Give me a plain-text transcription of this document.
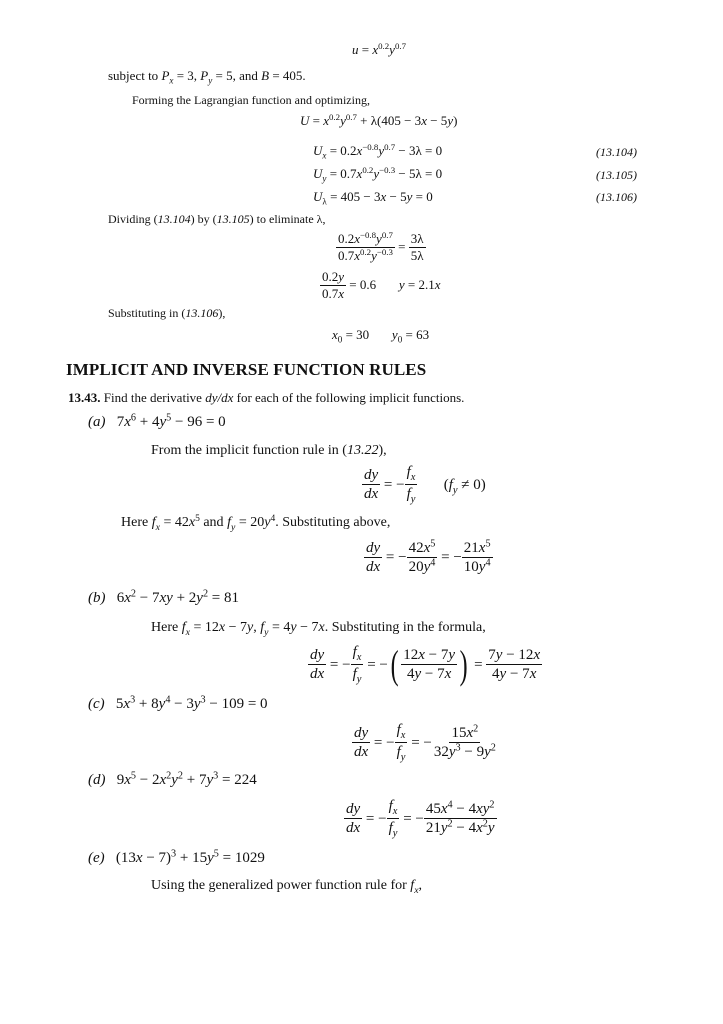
$u = x^{0.2}y^{0.7}$
subject to $P_x = 3$, $P_y = 5$, and B = 405.
Forming the Lagrangian function and optimizing,
$U = x^{0.2}y^{0.7} + \lambda(405 - 3x - 5y)$
$U_x = 0.2x^{-0.8}y^{0.7} - 3\lambda = 0$	(13.104)
$U_y = 0.7x^{0.2}y^{-0.3} - 5\lambda = 0$	(13.105)
$U_\lambda = 405 - 3x - 5y = 0$	(13.106)
Dividing (13.104) by (13.105) to eliminate λ,
$\frac{0.2x^{-0.8}y^{0.7}}{0.7x^{0.2}y^{-0.3}} = \frac{3\lambda}{5\lambda}$
$\frac{0.2y}{0.7x} = 0.6$       y = 2.1x
Substituting in (13.106),
$x_0 = 30$       $y_0 = 63$
IMPLICIT AND INVERSE FUNCTION RULES
13.43. Find the derivative dy/dx for each of the following implicit functions.
(a)   $7x^6 + 4y^5 - 96 = 0$
From the implicit function rule in (13.22),
$\frac{dy}{dx}$ = − $\frac{f_x}{f_y} (f_y \ne 0)$
Here $f_x = 42x^5$ and $f_y = 20y^4$. Substituting above,
$\frac{dy}{dx}$ = − $\frac{42x^5}{20y^4}$ = − $\frac{21x^5}{10y^4}$
(b)   $6x^2 - 7xy + 2y^2 = 81$
Here $f_x = 12x - 7y$, $f_y = 4y - 7x$. Substituting in the formula,
$\frac{dy}{dx}$ = − $\frac{f_x}{f_y}$ = −( $\frac{12x - 7y}{4y - 7x}$ ) = $\frac{7y - 12x}{4y - 7x}$
(c)   $5x^3 + 8y^4 - 3y^3 - 109 = 0$
$\frac{dy}{dx}$ = − $\frac{f_x}{f_y}$ = − $\frac{15x^2}{32y^3 - 9y^2}$
(d)   $9x^5 - 2x^2y^2 + 7y^3 = 224$
$\frac{dy}{dx}$ = − $\frac{f_x}{f_y}$ = − $\frac{45x^4 - 4xy^2}{21y^2 - 4x^2y}$
(e)   $(13x - 7)^3 + 15y^5 = 1029$
Using the generalized power function rule for $f_x$,
